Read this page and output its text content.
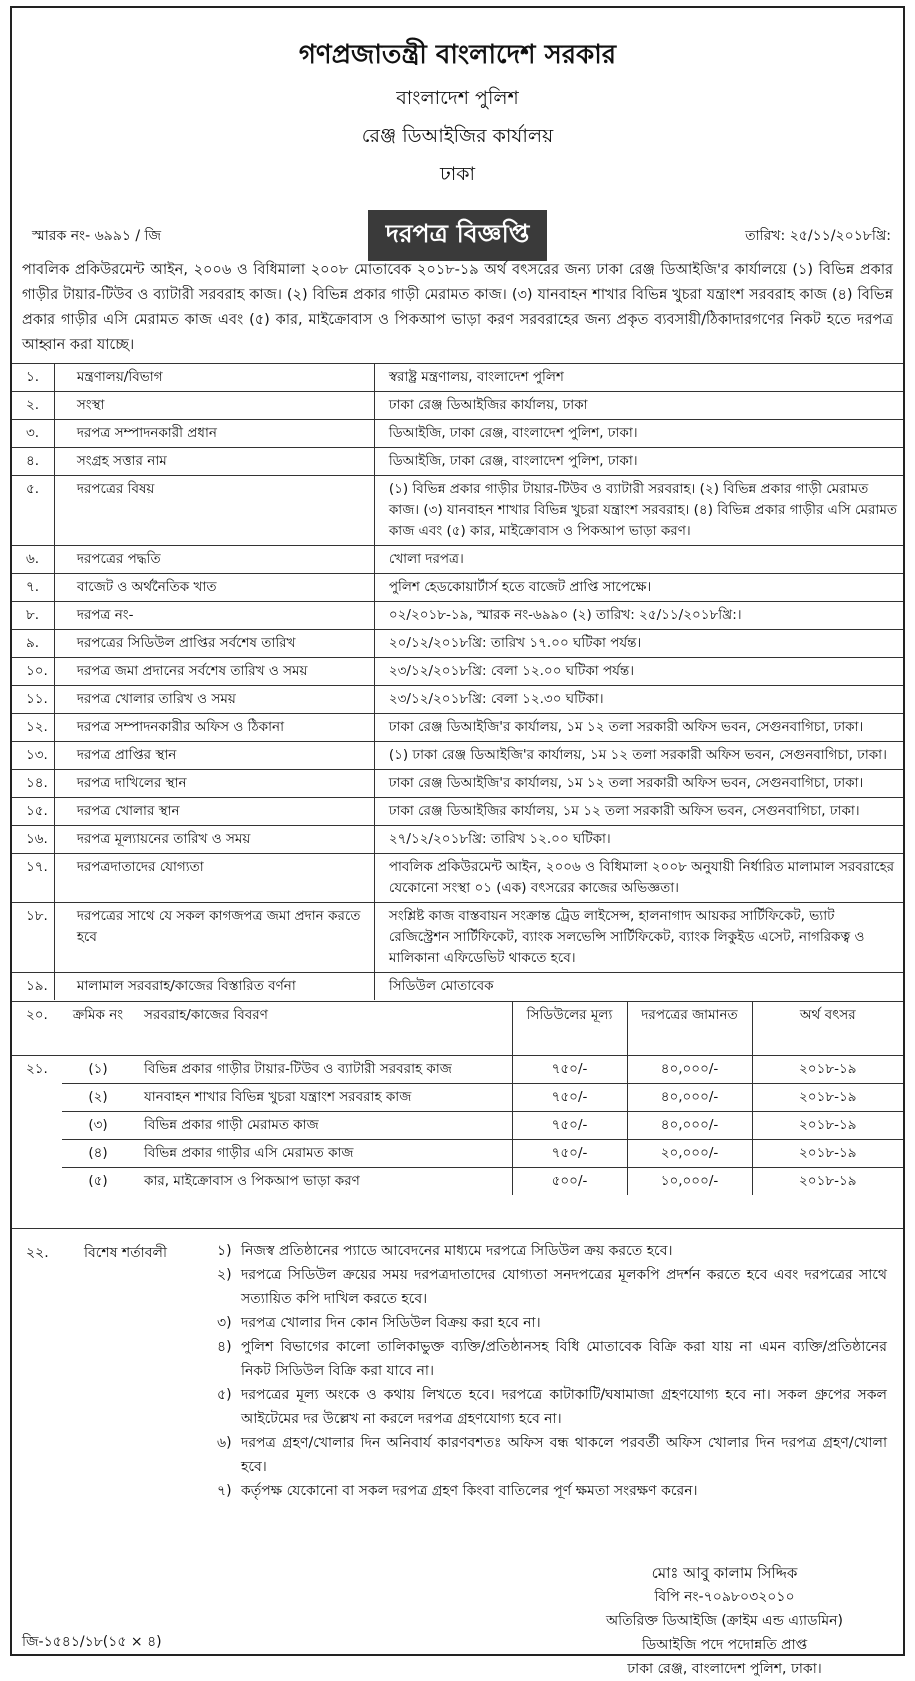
গণপ্রজাতন্ত্রী বাংলাদেশ সরকার
বাংলাদেশ পুলিশ
রেঞ্জ ডিআইজির কার্যালয়
ঢাকা
দরপত্র বিজ্ঞপ্তি
স্মারক নং- ৬৯৯১ / জি	তারিখ: ২৫/১১/২০১৮খ্রি:
পাবলিক প্রকিউরমেন্ট আইন, ২০০৬ ও বিধিমালা ২০০৮ মোতাবেক ২০১৮-১৯ অর্থ বৎসরের জন্য ঢাকা রেঞ্জ ডিআইজি'র কার্যালয়ে (১) বিভিন্ন প্রকার গাড়ীর টায়ার-টিউব ও ব্যাটারী সরবরাহ কাজ। (২) বিভিন্ন প্রকার গাড়ী মেরামত কাজ। (৩) যানবাহন শাখার বিভিন্ন খুচরা যন্ত্রাংশ সরবরাহ কাজ (৪) বিভিন্ন প্রকার গাড়ীর এসি মেরামত কাজ এবং (৫) কার, মাইক্রোবাস ও পিকআপ ভাড়া করণ সরবরাহের জন্য প্রকৃত ব্যবসায়ী/ঠিকাদারগণের নিকট হতে দরপত্র আহ্বান করা যাচ্ছে।
১.	মন্ত্রণালয়/বিভাগ	স্বরাষ্ট্র মন্ত্রণালয়, বাংলাদেশ পুলিশ
২.	সংস্থা	ঢাকা রেঞ্জ ডিআইজির কার্যালয়, ঢাকা
৩.	দরপত্র সম্পাদনকারী প্রধান	ডিআইজি, ঢাকা রেঞ্জ, বাংলাদেশ পুলিশ, ঢাকা।
৪.	সংগ্রহ সত্তার নাম	ডিআইজি, ঢাকা রেঞ্জ, বাংলাদেশ পুলিশ, ঢাকা।
৫.	দরপত্রের বিষয়	(১) বিভিন্ন প্রকার গাড়ীর টায়ার-টিউব ও ব্যাটারী সরবরাহ। (২) বিভিন্ন প্রকার গাড়ী মেরামত কাজ। (৩) যানবাহন শাখার বিভিন্ন খুচরা যন্ত্রাংশ সরবরাহ। (৪) বিভিন্ন প্রকার গাড়ীর এসি মেরামত কাজ এবং (৫) কার, মাইক্রোবাস ও পিকআপ ভাড়া করণ।
৬.	দরপত্রের পদ্ধতি	খোলা দরপত্র।
৭.	বাজেট ও অর্থনৈতিক খাত	পুলিশ হেডকোয়ার্টার্স হতে বাজেট প্রাপ্তি সাপেক্ষে।
৮.	দরপত্র নং-	০২/২০১৮-১৯, স্মারক নং-৬৯৯০ (২) তারিখ: ২৫/১১/২০১৮খ্রি:।
৯.	দরপত্রের সিডিউল প্রাপ্তির সর্বশেষ তারিখ	২০/১২/২০১৮খ্রি: তারিখ ১৭.০০ ঘটিকা পর্যন্ত।
১০.	দরপত্র জমা প্রদানের সর্বশেষ তারিখ ও সময়	২৩/১২/২০১৮খ্রি: বেলা ১২.০০ ঘটিকা পর্যন্ত।
১১.	দরপত্র খোলার তারিখ ও সময়	২৩/১২/২০১৮খ্রি: বেলা ১২.৩০ ঘটিকা।
১২.	দরপত্র সম্পাদনকারীর অফিস ও ঠিকানা	ঢাকা রেঞ্জ ডিআইজি'র কার্যালয়, ১ম ১২ তলা সরকারী অফিস ভবন, সেগুনবাগিচা, ঢাকা।
১৩.	দরপত্র প্রাপ্তির স্থান	(১) ঢাকা রেঞ্জ ডিআইজি'র কার্যালয়, ১ম ১২ তলা সরকারী অফিস ভবন, সেগুনবাগিচা, ঢাকা।
১৪.	দরপত্র দাখিলের স্থান	ঢাকা রেঞ্জ ডিআইজি'র কার্যালয়, ১ম ১২ তলা সরকারী অফিস ভবন, সেগুনবাগিচা, ঢাকা।
১৫.	দরপত্র খোলার স্থান	ঢাকা রেঞ্জ ডিআইজির কার্যালয়, ১ম ১২ তলা সরকারী অফিস ভবন, সেগুনবাগিচা, ঢাকা।
১৬.	দরপত্র মূল্যায়নের তারিখ ও সময়	২৭/১২/২০১৮খ্রি: তারিখ ১২.০০ ঘটিকা।
১৭.	দরপত্রদাতাদের যোগ্যতা	পাবলিক প্রকিউরমেন্ট আইন, ২০০৬ ও বিধিমালা ২০০৮ অনুযায়ী নির্ধারিত মালামাল সরবরাহের যেকোনো সংস্থা ০১ (এক) বৎসরের কাজের অভিজ্ঞতা।
১৮.	দরপত্রের সাথে যে সকল কাগজপত্র জমা প্রদান করতে হবে	সংশ্লিষ্ট কাজ বাস্তবায়ন সংক্রান্ত ট্রেড লাইসেন্স, হালনাগাদ আয়কর সার্টিফিকেট, ভ্যাট রেজিস্ট্রেশন সার্টিফিকেট, ব্যাংক সলভেন্সি সার্টিফিকেট, ব্যাংক লিকুইড এসেট, নাগরিকত্ব ও মালিকানা এফিডেভিট থাকতে হবে।
১৯.	মালামাল সরবরাহ/কাজের বিস্তারিত বর্ণনা	সিডিউল মোতাবেক
২০.	ক্রমিক নং	সরবরাহ/কাজের বিবরণ	সিডিউলের মূল্য	দরপত্রের জামানত	অর্থ বৎসর
২১.	(১)	বিভিন্ন প্রকার গাড়ীর টায়ার-টিউব ও ব্যাটারী সরবরাহ কাজ	৭৫০/-	৪০,০০০/-	২০১৮-১৯
	(২)	যানবাহন শাখার বিভিন্ন খুচরা যন্ত্রাংশ সরবরাহ কাজ	৭৫০/-	৪০,০০০/-	২০১৮-১৯
	(৩)	বিভিন্ন প্রকার গাড়ী মেরামত কাজ	৭৫০/-	৪০,০০০/-	২০১৮-১৯
	(৪)	বিভিন্ন প্রকার গাড়ীর এসি মেরামত কাজ	৭৫০/-	২০,০০০/-	২০১৮-১৯
	(৫)	কার, মাইক্রোবাস ও পিকআপ ভাড়া করণ	৫০০/-	১০,০০০/-	২০১৮-১৯
২২.	বিশেষ শর্তাবলী	১) নিজস্ব প্রতিষ্ঠানের প্যাডে আবেদনের মাধ্যমে দরপত্রে সিডিউল ক্রয় করতে হবে।
২) দরপত্রে সিডিউল ক্রয়ের সময় দরপত্রদাতাদের যোগ্যতা সনদপত্রের মূলকপি প্রদর্শন করতে হবে এবং দরপত্রের সাথে সত্যায়িত কপি দাখিল করতে হবে।
৩) দরপত্র খোলার দিন কোন সিডিউল বিক্রয় করা হবে না।
৪) পুলিশ বিভাগের কালো তালিকাভুক্ত ব্যক্তি/প্রতিষ্ঠানসহ বিধি মোতাবেক বিক্রি করা যায় না এমন ব্যক্তি/প্রতিষ্ঠানের নিকট সিডিউল বিক্রি করা যাবে না।
৫) দরপত্রের মূল্য অংকে ও কথায় লিখতে হবে। দরপত্রে কাটাকাটি/ঘষামাজা গ্রহণযোগ্য হবে না। সকল গ্রুপের সকল আইটেমের দর উল্লেখ না করলে দরপত্র গ্রহণযোগ্য হবে না।
৬) দরপত্র গ্রহণ/খোলার দিন অনিবার্য কারণবশতঃ অফিস বন্ধ থাকলে পরবর্তী অফিস খোলার দিন দরপত্র গ্রহণ/খোলা হবে।
৭) কর্তৃপক্ষ যেকোনো বা সকল দরপত্র গ্রহণ কিংবা বাতিলের পূর্ণ ক্ষমতা সংরক্ষণ করেন।
মোঃ আবু কালাম সিদ্দিক
বিপি নং-৭০৯৮০৩২০১০
অতিরিক্ত ডিআইজি (ক্রাইম এন্ড এ্যাডমিন)
ডিআইজি পদে পদোন্নতি প্রাপ্ত
ঢাকা রেঞ্জ, বাংলাদেশ পুলিশ, ঢাকা।
জি-১৫৪১/১৮(১৫ × ৪)
